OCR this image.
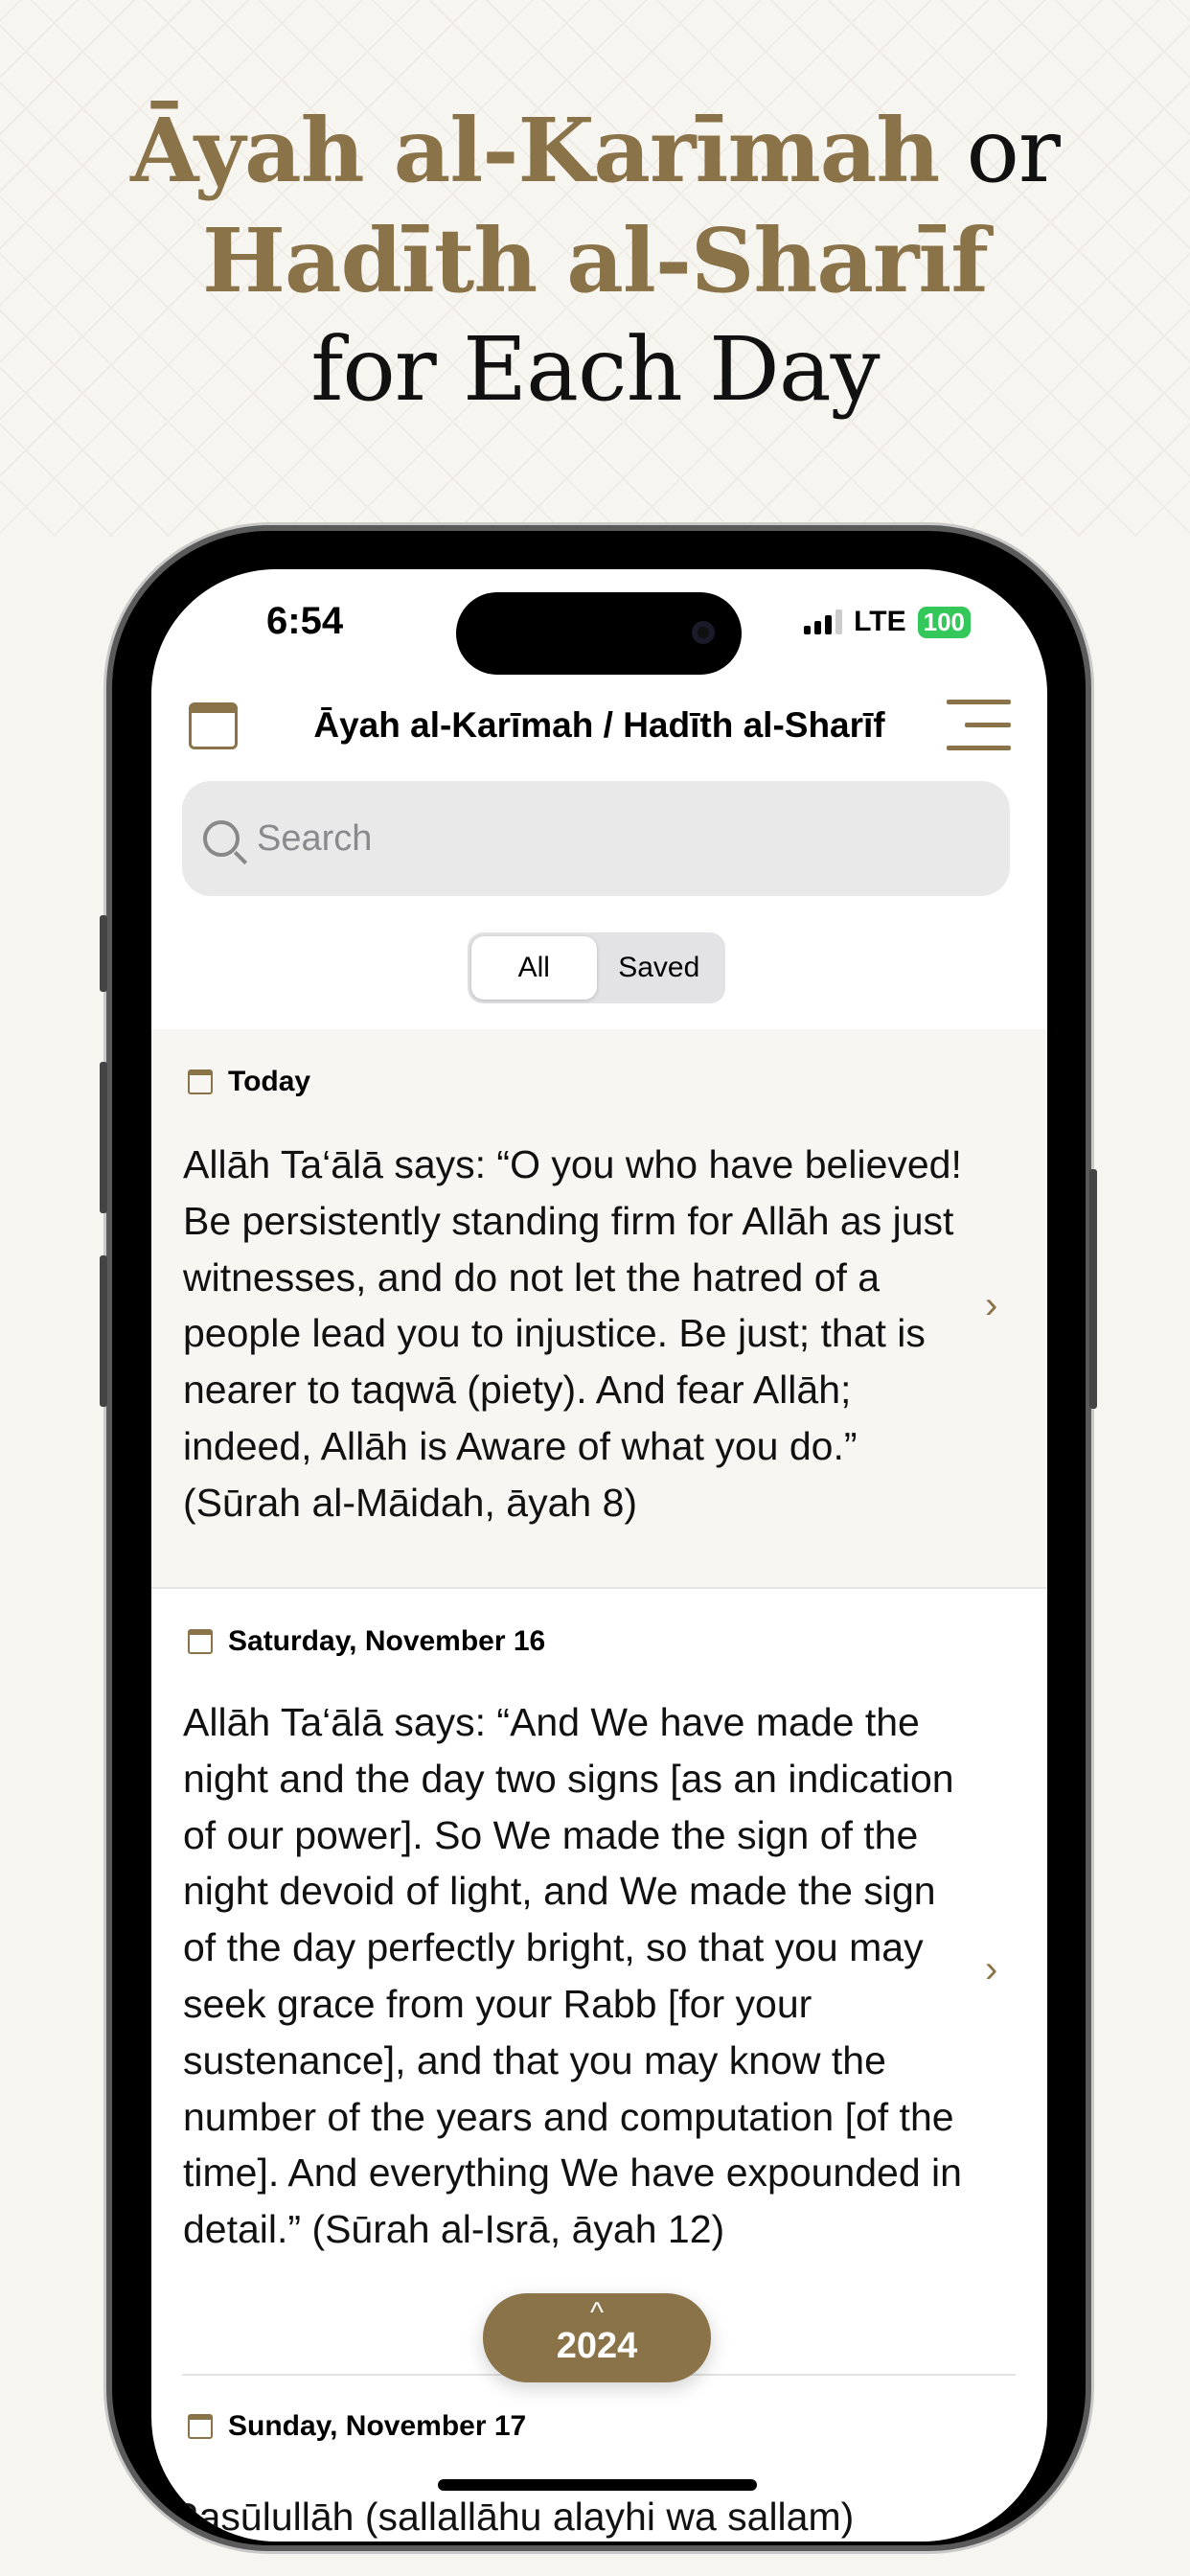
Āyah al-Karīmah or
Hadīth al-Sharīf
for Each Day
6:54	LTE 100
Āyah al-Karīmah / Hadīth al-Sharīf
Search
All	Saved
Today
Allāh Ta‘ālā says: “O you who have believed! Be persistently standing firm for Allāh as just witnesses, and do not let the hatred of a people lead you to injustice. Be just; that is nearer to taqwā (piety). And fear Allāh; indeed, Allāh is Aware of what you do.” (Sūrah al-Māidah, āyah 8)
›
Saturday, November 16
Allāh Ta‘ālā says: “And We have made the night and the day two signs [as an indication of our power]. So We made the sign of the night devoid of light, and We made the sign of the day perfectly bright, so that you may seek grace from your Rabb [for your sustenance], and that you may know the number of the years and computation [of the time]. And everything We have expounded in detail.” (Sūrah al-Isrā, āyah 12)
›
Sunday, November 17
Rasūlullāh (sallallāhu alayhi wa sallam)
^
2024
